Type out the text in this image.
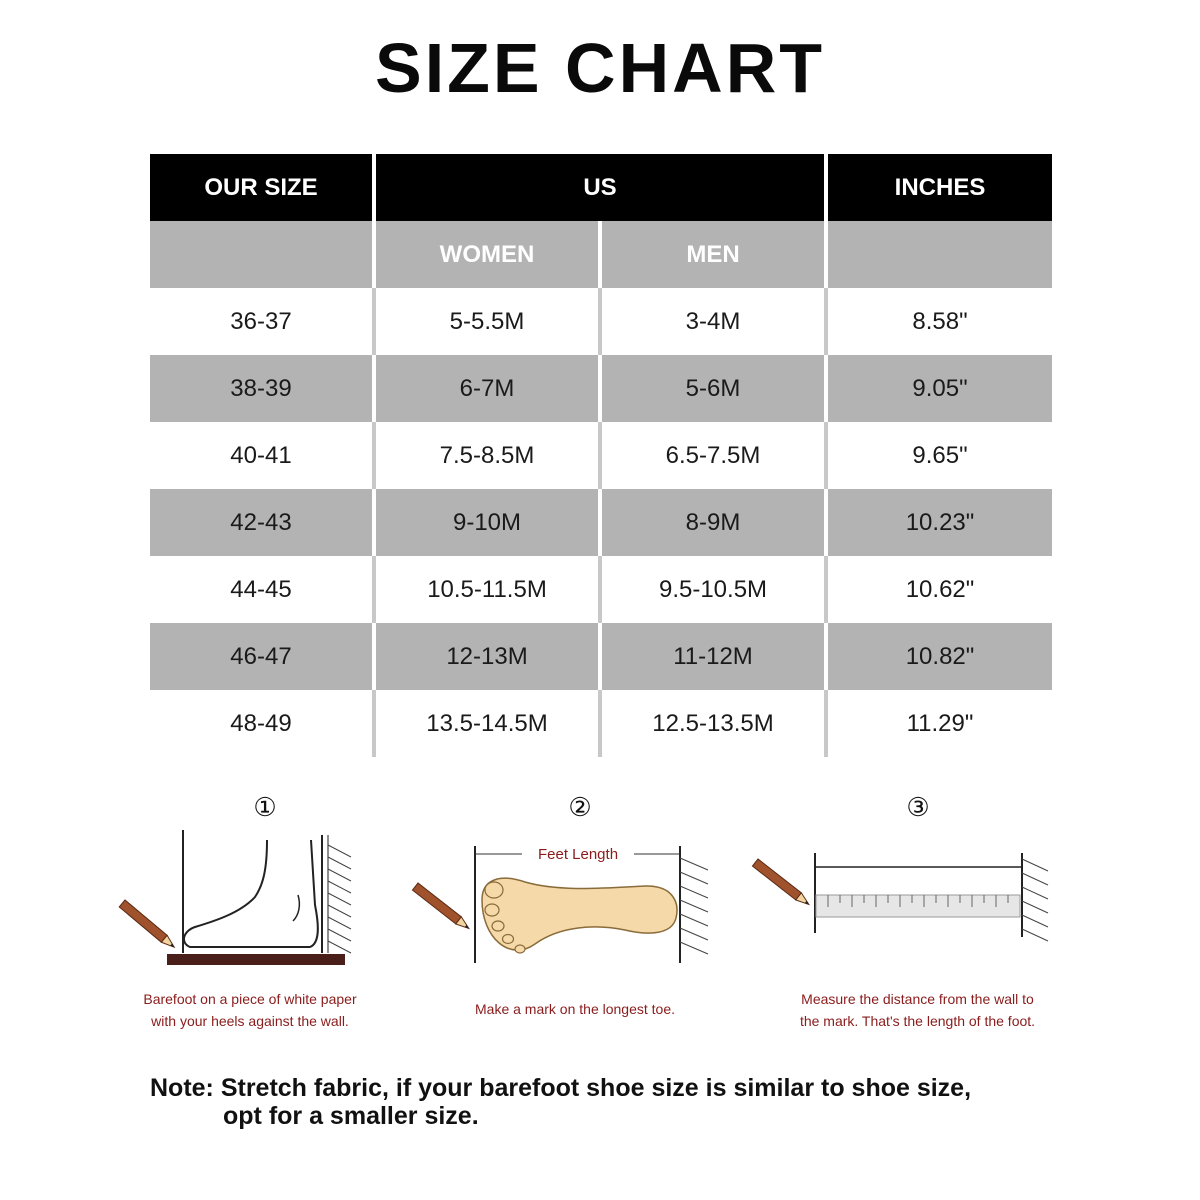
SIZE CHART
OUR SIZE	US		INCHES
	WOMEN	MEN	
36-37	5-5.5M	3-4M	8.58"
38-39	6-7M	5-6M	9.05"
40-41	7.5-8.5M	6.5-7.5M	9.65"
42-43	9-10M	8-9M	10.23"
44-45	10.5-11.5M	9.5-10.5M	10.62"
46-47	12-13M	11-12M	10.82"
48-49	13.5-14.5M	12.5-13.5M	11.29"
①
Barefoot on a piece of white paper
with your heels against the wall.
②
Feet Length
Make a mark on the longest toe.
③
Measure the distance from the wall to
the mark. That's the length of the foot.
Note: Stretch fabric, if your barefoot shoe size is similar to shoe size,
opt for a smaller size.
